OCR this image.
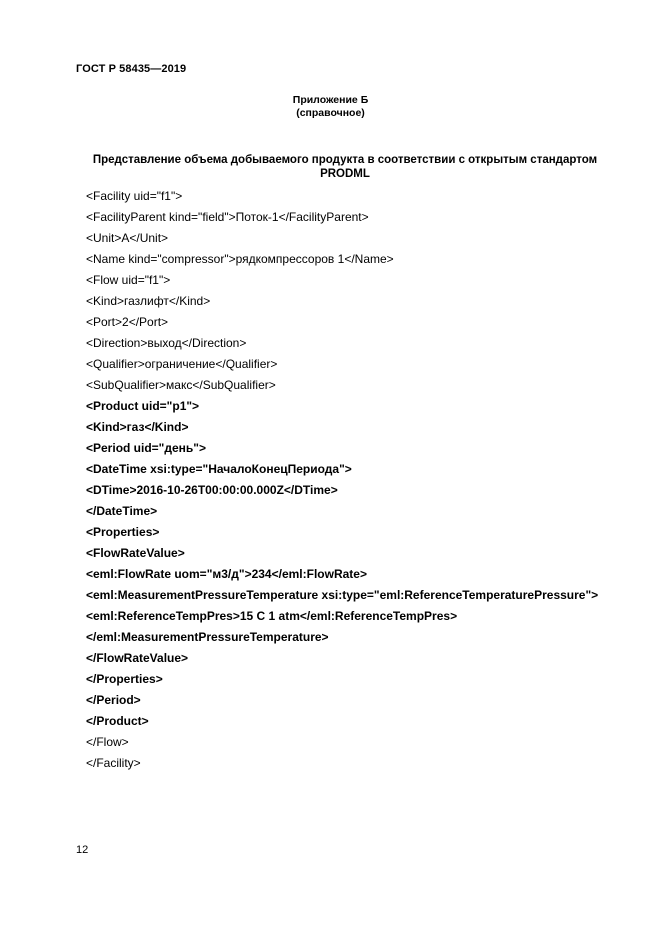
ГОСТ Р 58435—2019
Приложение Б
(справочное)
Представление объема добываемого продукта в соответствии с открытым стандартом
PRODML
<Facility uid="f1">
<FacilityParent kind="field">Поток-1</FacilityParent>
<Unit>A</Unit>
<Name kind="compressor">рядкомпрессоров 1</Name>
<Flow uid="f1">
<Kind>газлифт</Kind>
<Port>2</Port>
<Direction>выход</Direction>
<Qualifier>ограничение</Qualifier>
<SubQualifier>макс</SubQualifier>
<Product uid="p1">
<Kind>газ</Kind>
<Period uid="день">
<DateTime xsi:type="НачалоКонецПериода">
<DTime>2016-10-26T00:00:00.000Z</DTime>
</DateTime>
<Properties>
<FlowRateValue>
<eml:FlowRate uom="м3/д">234</eml:FlowRate>
<eml:MeasurementPressureTemperature xsi:type="eml:ReferenceTemperaturePressure">
<eml:ReferenceTempPres>15 C 1 atm</eml:ReferenceTempPres>
</eml:MeasurementPressureTemperature>
</FlowRateValue>
</Properties>
</Period>
</Product>
</Flow>
</Facility>
12
